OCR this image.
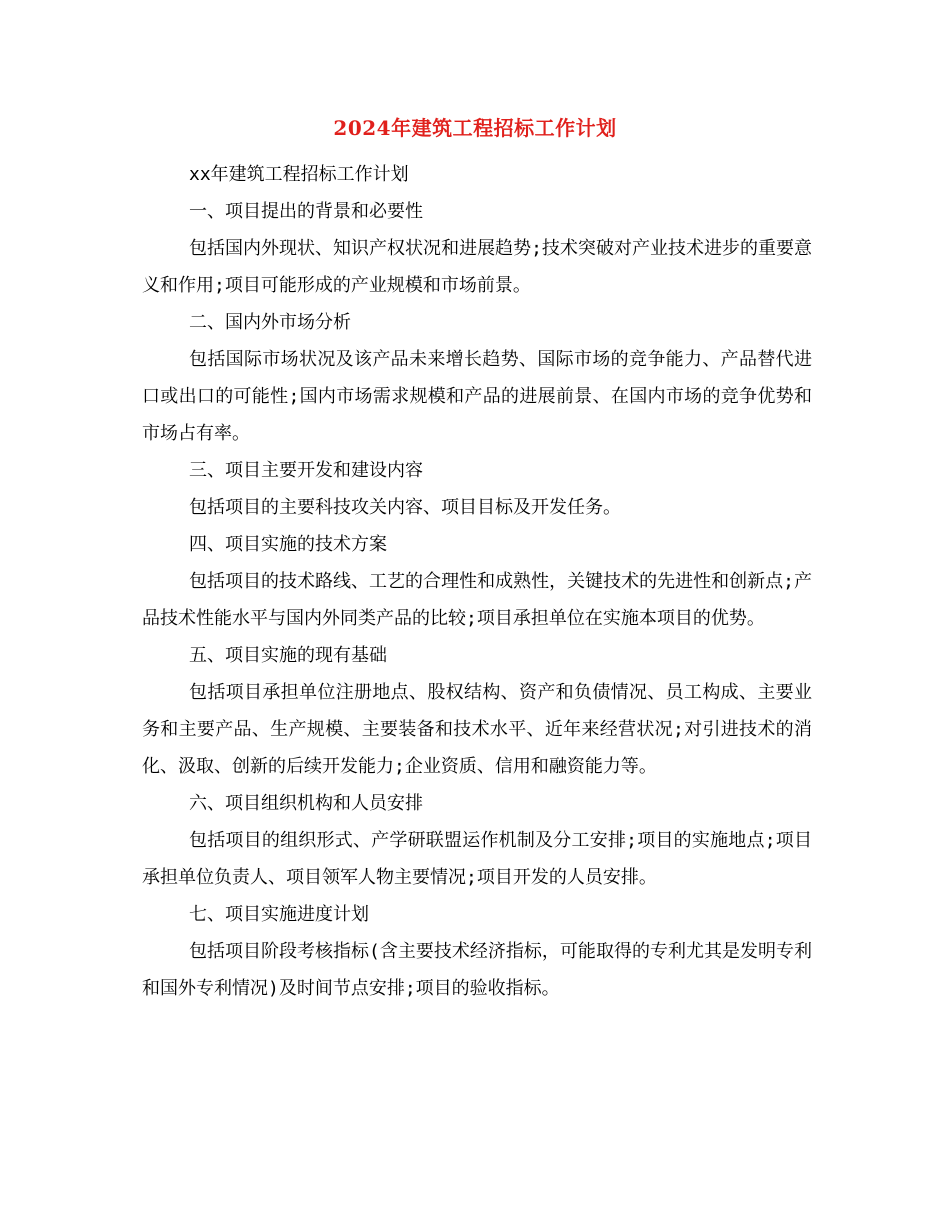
2024年建筑工程招标工作计划

xx年建筑工程招标工作计划

一、项目提出的背景和必要性

包括国内外现状、知识产权状况和进展趋势;技术突破对产业技术进步的重要意义和作用;项目可能形成的产业规模和市场前景。

二、国内外市场分析

包括国际市场状况及该产品未来增长趋势、国际市场的竞争能力、产品替代进口或出口的可能性;国内市场需求规模和产品的进展前景、在国内市场的竞争优势和市场占有率。

三、项目主要开发和建设内容

包括项目的主要科技攻关内容、项目目标及开发任务。

四、项目实施的技术方案

包括项目的技术路线、工艺的合理性和成熟性，关键技术的先进性和创新点;产品技术性能水平与国内外同类产品的比较;项目承担单位在实施本项目的优势。

五、项目实施的现有基础

包括项目承担单位注册地点、股权结构、资产和负债情况、员工构成、主要业务和主要产品、生产规模、主要装备和技术水平、近年来经营状况;对引进技术的消化、汲取、创新的后续开发能力;企业资质、信用和融资能力等。

六、项目组织机构和人员安排

包括项目的组织形式、产学研联盟运作机制及分工安排;项目的实施地点;项目承担单位负责人、项目领军人物主要情况;项目开发的人员安排。

七、项目实施进度计划

包括项目阶段考核指标(含主要技术经济指标，可能取得的专利尤其是发明专利和国外专利情况)及时间节点安排;项目的验收指标。
